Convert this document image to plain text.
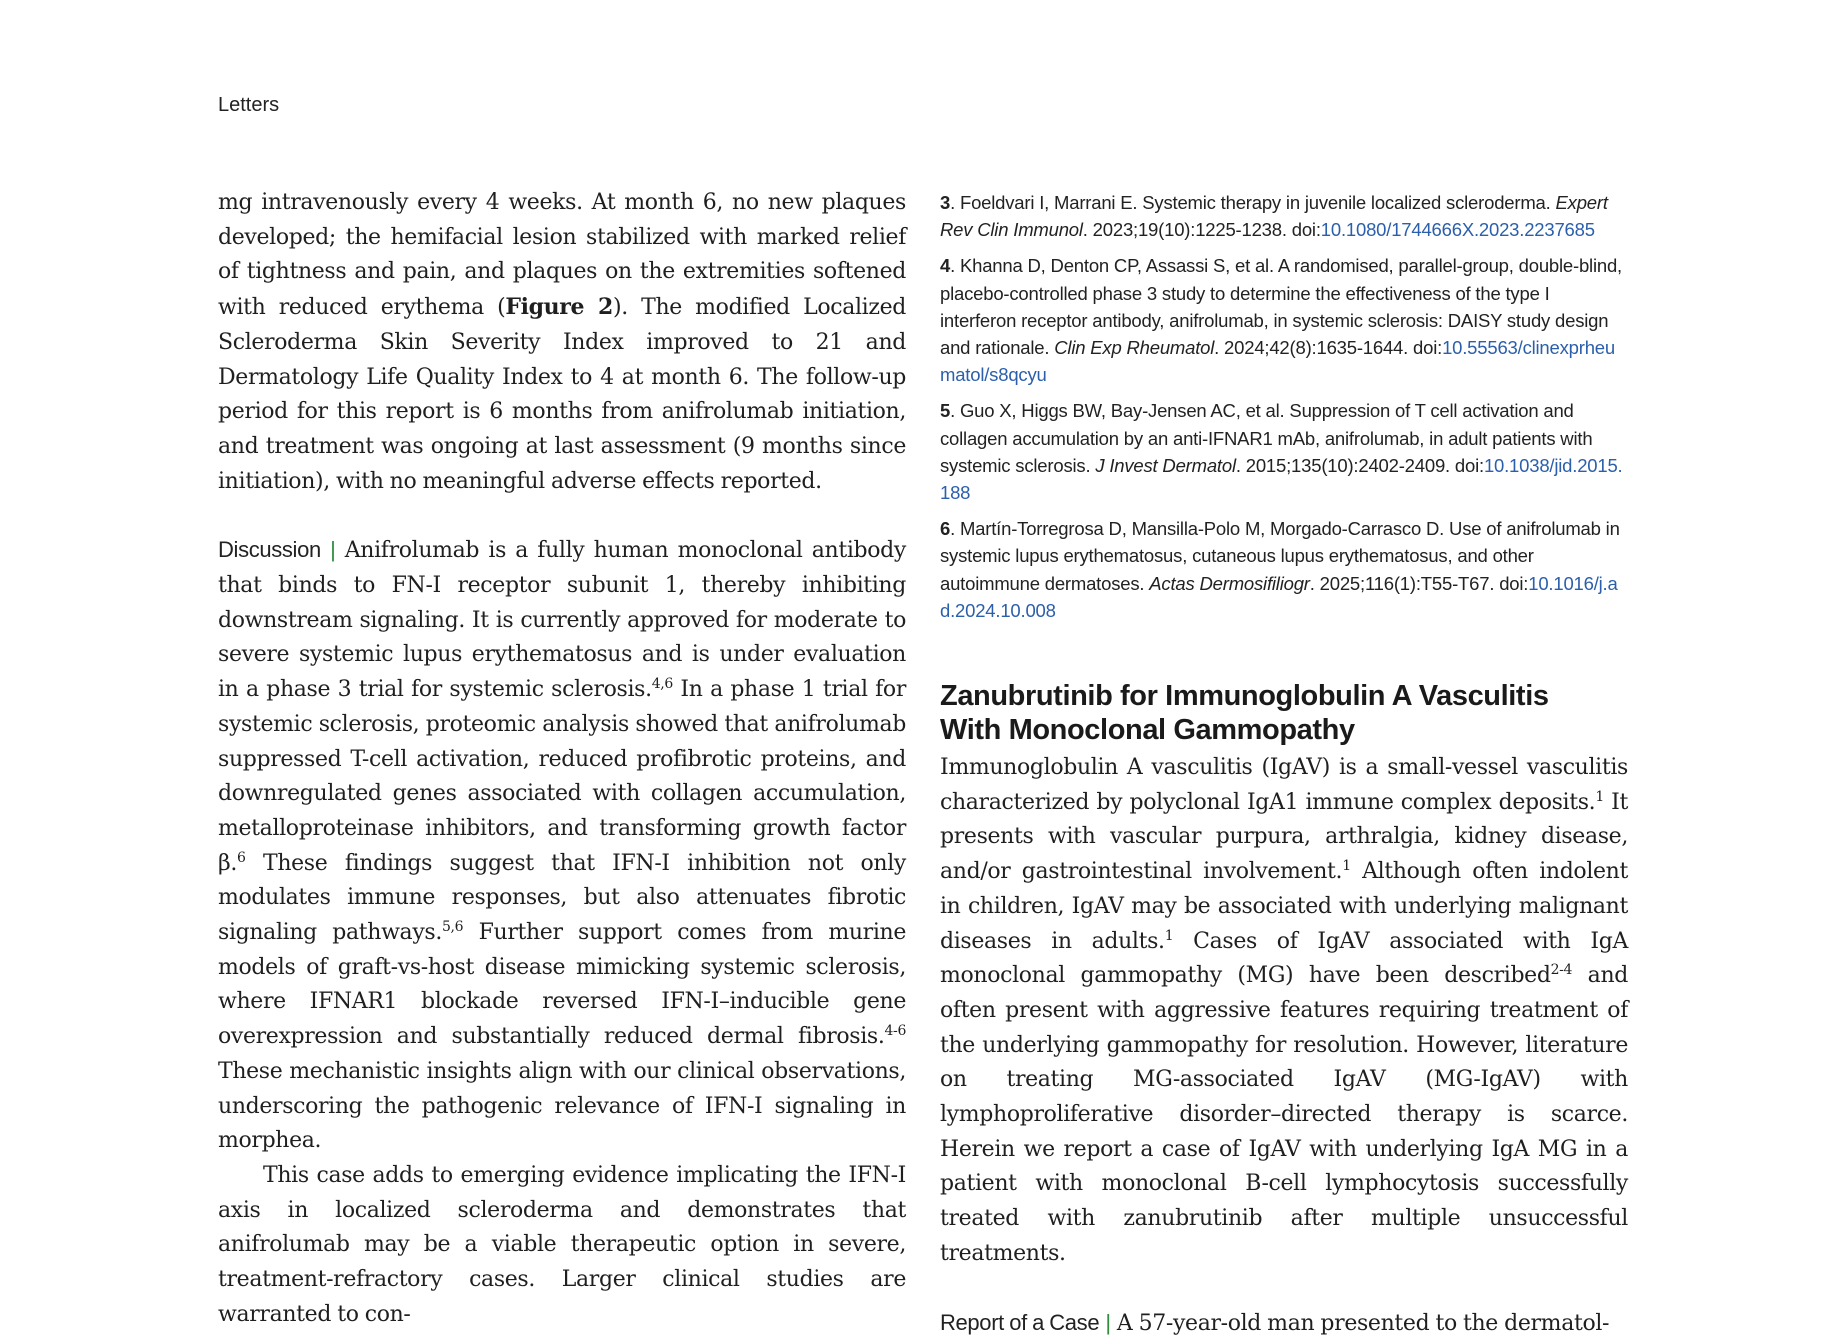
Letters

mg intravenously every 4 weeks. At month 6, no new plaques developed; the hemifacial lesion stabilized with marked relief of tightness and pain, and plaques on the extremities softened with reduced erythema (Figure 2). The modified Localized Scleroderma Skin Severity Index improved to 21 and Dermatology Life Quality Index to 4 at month 6. The follow-up period for this report is 6 months from anifrolumab initiation, and treatment was ongoing at last assessment (9 months since initiation), with no meaningful adverse effects reported.

Discussion | Anifrolumab is a fully human monoclonal antibody that binds to FN-I receptor subunit 1, thereby inhibiting downstream signaling. It is currently approved for moderate to severe systemic lupus erythematosus and is under evaluation in a phase 3 trial for systemic sclerosis.$^{4,6}$ In a phase 1 trial for systemic sclerosis, proteomic analysis showed that anifrolumab suppressed T-cell activation, reduced profibrotic proteins, and downregulated genes associated with collagen accumulation, metalloproteinase inhibitors, and transforming growth factor β.$^6$ These findings suggest that IFN-I inhibition not only modulates immune responses, but also attenuates fibrotic signaling pathways.$^{5,6}$ Further support comes from murine models of graft-vs-host disease mimicking systemic sclerosis, where IFNAR1 blockade reversed IFN-I–inducible gene overexpression and substantially reduced dermal fibrosis.$^{4-6}$ These mechanistic insights align with our clinical observations, underscoring the pathogenic relevance of IFN-I signaling in morphea.

This case adds to emerging evidence implicating the IFN-I axis in localized scleroderma and demonstrates that anifrolumab may be a viable therapeutic option in severe, treatment-refractory cases. Larger clinical studies are warranted to con-

3. Foeldvari I, Marrani E. Systemic therapy in juvenile localized scleroderma. Expert Rev Clin Immunol. 2023;19(10):1225-1238. doi:10.1080/1744666X.2023.2237685

4. Khanna D, Denton CP, Assassi S, et al. A randomised, parallel-group, double-blind, placebo-controlled phase 3 study to determine the effectiveness of the type I interferon receptor antibody, anifrolumab, in systemic sclerosis: DAISY study design and rationale. Clin Exp Rheumatol. 2024;42(8):1635-1644. doi:10.55563/clinexprheumatol/s8qcyu

5. Guo X, Higgs BW, Bay-Jensen AC, et al. Suppression of T cell activation and collagen accumulation by an anti-IFNAR1 mAb, anifrolumab, in adult patients with systemic sclerosis. J Invest Dermatol. 2015;135(10):2402-2409. doi:10.1038/jid.2015.188

6. Martín-Torregrosa D, Mansilla-Polo M, Morgado-Carrasco D. Use of anifrolumab in systemic lupus erythematosus, cutaneous lupus erythematosus, and other autoimmune dermatoses. Actas Dermosifiliogr. 2025;116(1):T55-T67. doi:10.1016/j.ad.2024.10.008

Zanubrutinib for Immunoglobulin A Vasculitis
With Monoclonal Gammopathy

Immunoglobulin A vasculitis (IgAV) is a small-vessel vasculitis characterized by polyclonal IgA1 immune complex deposits.$^1$ It presents with vascular purpura, arthralgia, kidney disease, and/or gastrointestinal involvement.$^1$ Although often indolent in children, IgAV may be associated with underlying malignant diseases in adults.$^1$ Cases of IgAV associated with IgA monoclonal gammopathy (MG) have been described$^{2-4}$ and often present with aggressive features requiring treatment of the underlying gammopathy for resolution. However, literature on treating MG-associated IgAV (MG-IgAV) with lymphoproliferative disorder–directed therapy is scarce. Herein we report a case of IgAV with underlying IgA MG in a patient with monoclonal B-cell lymphocytosis successfully treated with zanubrutinib after multiple unsuccessful treatments.

Report of a Case | A 57-year-old man presented to the dermatol-
